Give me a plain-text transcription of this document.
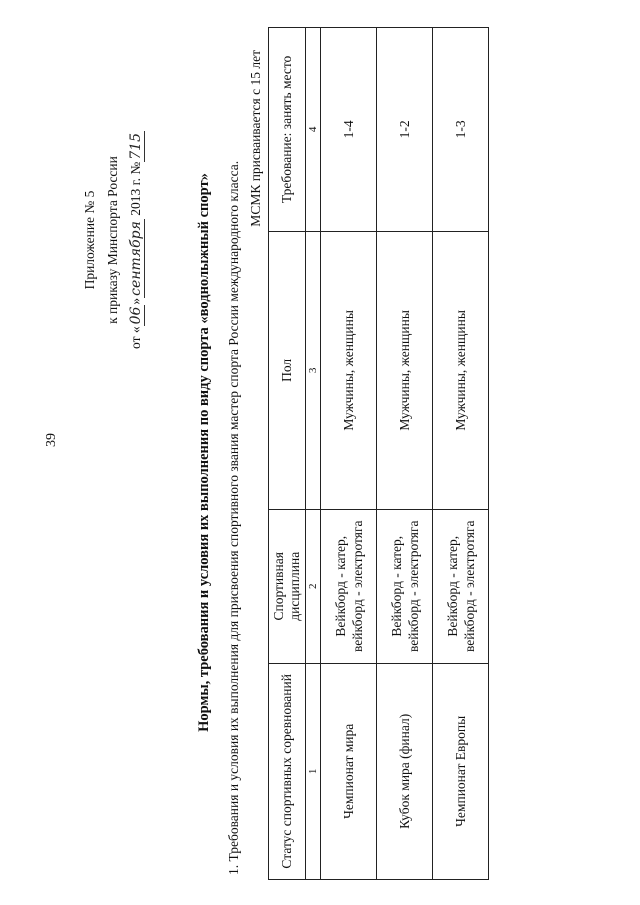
39
Приложение № 5 к приказу Минспорта России
от «06»сентября 2013 г. №715
Нормы, требования и условия их выполнения по виду спорта «воднолыжный спорт» 1. Требования и условия их выполнения для присвоения спортивного звания мастер спорта России международного класса.
МСМК присваивается с 15 лет
Статус спортивных соревнований	Спортивная дисциплина	Пол	Требование: занять место
1	2	3	4
Чемпионат мира	Вейкборд - катер, вейкборд - электротяга	Мужчины, женщины	1-4
Кубок мира (финал)	Вейкборд - катер, вейкборд - электротяга	Мужчины, женщины	1-2
Чемпионат Европы	Вейкборд - катер, вейкборд - электротяга	Мужчины, женщины	1-3
